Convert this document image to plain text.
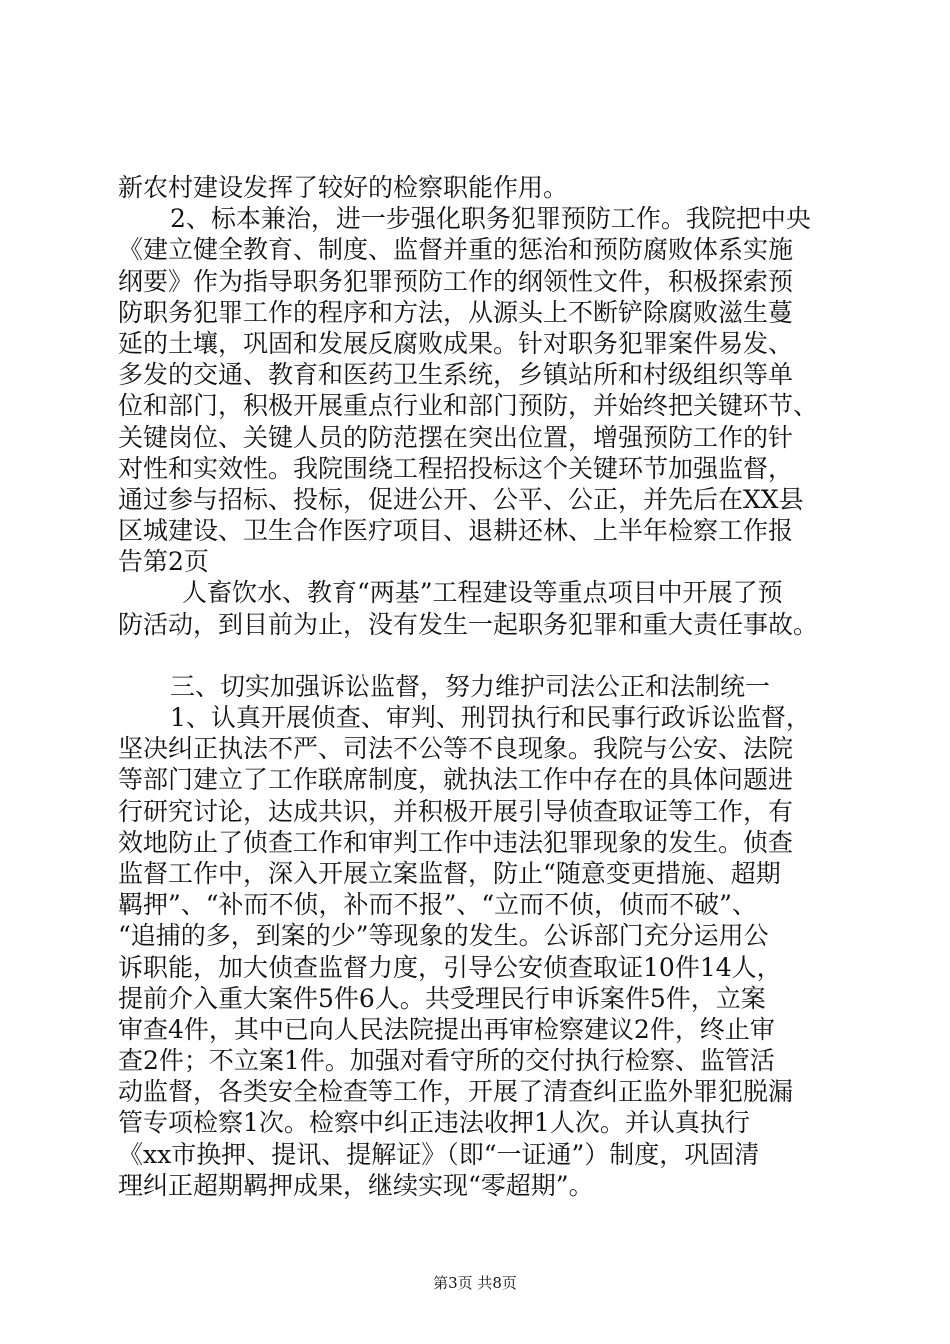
新农村建设发挥了较好的检察职能作用。
2、标本兼治，进一步强化职务犯罪预防工作。我院把中央
《建立健全教育、制度、监督并重的惩治和预防腐败体系实施
纲要》作为指导职务犯罪预防工作的纲领性文件，积极探索预
防职务犯罪工作的程序和方法，从源头上不断铲除腐败滋生蔓
延的土壤，巩固和发展反腐败成果。针对职务犯罪案件易发、
多发的交通、教育和医药卫生系统，乡镇站所和村级组织等单
位和部门，积极开展重点行业和部门预防，并始终把关键环节、
关键岗位、关键人员的防范摆在突出位置，增强预防工作的针
对性和实效性。我院围绕工程招投标这个关键环节加强监督，
通过参与招标、投标，促进公开、公平、公正，并先后在XX县
区城建设、卫生合作医疗项目、退耕还林、上半年检察工作报
告第2页
人畜饮水、教育“两基”工程建设等重点项目中开展了预
防活动，到目前为止，没有发生一起职务犯罪和重大责任事故。
三、切实加强诉讼监督，努力维护司法公正和法制统一
1、认真开展侦查、审判、刑罚执行和民事行政诉讼监督，
坚决纠正执法不严、司法不公等不良现象。我院与公安、法院
等部门建立了工作联席制度，就执法工作中存在的具体问题进
行研究讨论，达成共识，并积极开展引导侦查取证等工作，有
效地防止了侦查工作和审判工作中违法犯罪现象的发生。侦查
监督工作中，深入开展立案监督，防止“随意变更措施、超期
羁押”、“补而不侦，补而不报”、“立而不侦，侦而不破”、
“追捕的多，到案的少”等现象的发生。公诉部门充分运用公
诉职能，加大侦查监督力度，引导公安侦查取证10件14人，
提前介入重大案件5件6人。共受理民行申诉案件5件，立案
审查4件，其中已向人民法院提出再审检察建议2件，终止审
查2件；不立案1件。加强对看守所的交付执行检察、监管活
动监督，各类安全检查等工作，开展了清查纠正监外罪犯脱漏
管专项检察1次。检察中纠正违法收押1人次。并认真执行
《xx市换押、提讯、提解证》（即“一证通”）制度，巩固清
理纠正超期羁押成果，继续实现“零超期”。
第3页 共8页
